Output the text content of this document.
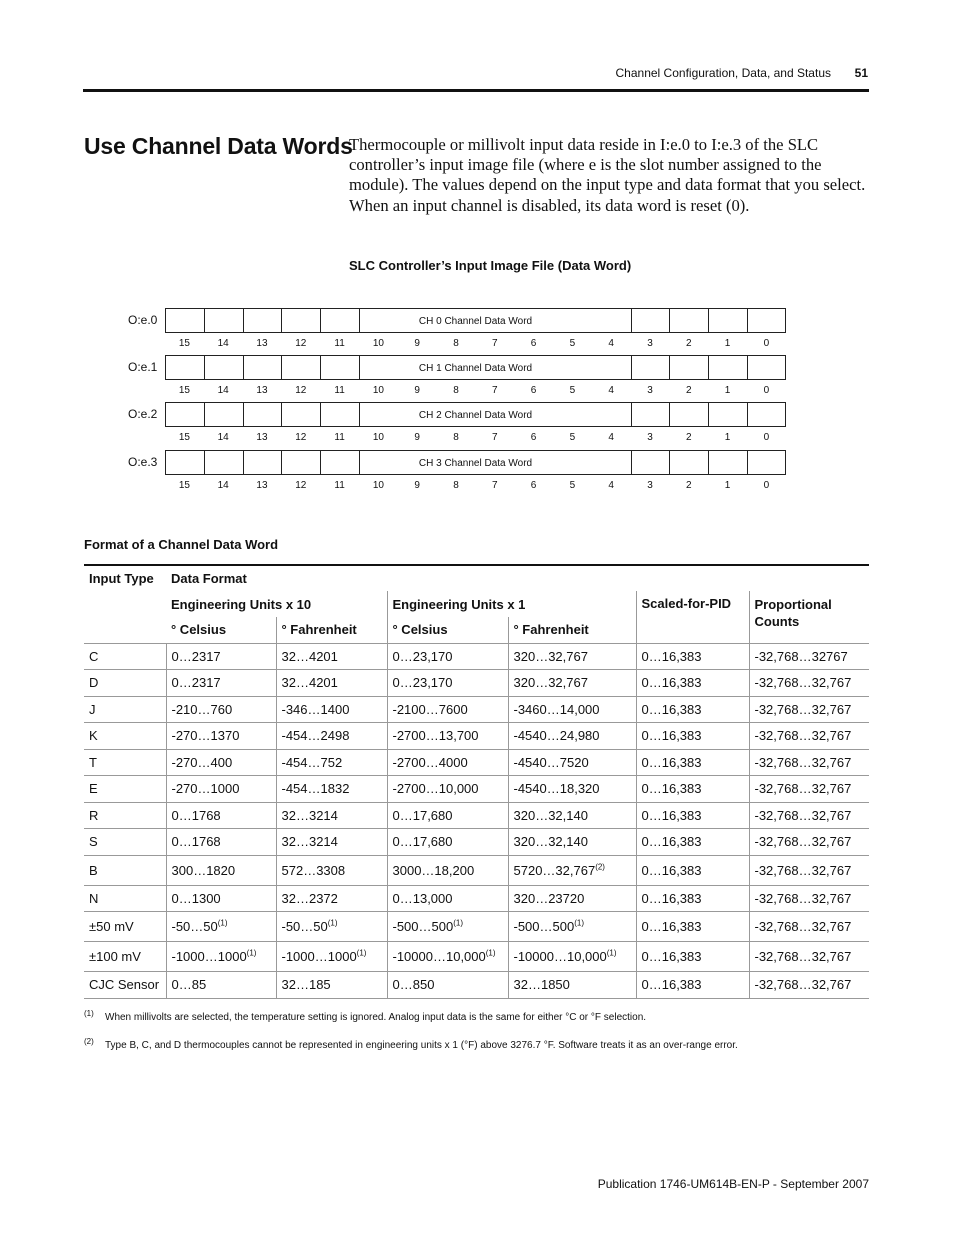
Channel Configuration, Data, and Status 51
Use Channel Data Words

Thermocouple or millivolt input data reside in I:e.0 to I:e.3 of the SLC controller’s input image file (where e is the slot number assigned to the module). The values depend on the input type and data format that you select. When an input channel is disabled, its data word is reset (0).

SLC Controller’s Input Image File (Data Word)
O:e.0	CH 0 Channel Data Word
15	14	13	12	11	10	9	8	7	6	5	4	3	2	1	0
O:e.1	CH 1 Channel Data Word
15	14	13	12	11	10	9	8	7	6	5	4	3	2	1	0
O:e.2	CH 2 Channel Data Word
15	14	13	12	11	10	9	8	7	6	5	4	3	2	1	0
O:e.3	CH 3 Channel Data Word
15	14	13	12	11	10	9	8	7	6	5	4	3	2	1	0
Format of a Channel Data Word
Input Type	Data Format					
	Engineering Units x 10		Engineering Units x 1		Scaled-for-PID	Proportional Counts
	° Celsius	° Fahrenheit	° Celsius	° Fahrenheit		
C	0…2317	32…4201	0…23,170	320…32,767	0…16,383	-32,768…32767
D	0…2317	32…4201	0…23,170	320…32,767	0…16,383	-32,768…32,767
J	-210…760	-346…1400	-2100…7600	-3460…14,000	0…16,383	-32,768…32,767
K	-270…1370	-454…2498	-2700…13,700	-4540…24,980	0…16,383	-32,768…32,767
T	-270…400	-454…752	-2700…4000	-4540…7520	0…16,383	-32,768…32,767
E	-270…1000	-454…1832	-2700…10,000	-4540…18,320	0…16,383	-32,768…32,767
R	0…1768	32…3214	0…17,680	320…32,140	0…16,383	-32,768…32,767
S	0…1768	32…3214	0…17,680	320…32,140	0…16,383	-32,768…32,767
B	300…1820	572…3308	3000…18,200	5720…32,767$^{(2)}$	0…16,383	-32,768…32,767
N	0…1300	32…2372	0…13,000	320…23720	0…16,383	-32,768…32,767
±50 mV	-50…50$^{(1)}$	-50…50$^{(1)}$	-500…500$^{(1)}$	-500…500$^{(1)}$	0…16,383	-32,768…32,767
±100 mV	-1000…1000$^{(1)}$	-1000…1000$^{(1)}$	-10000…10,000$^{(1)}$	-10000…10,000$^{(1)}$	0…16,383	-32,768…32,767
CJC Sensor	0…85	32…185	0…850	32…1850	0…16,383	-32,768…32,767
(1) When millivolts are selected, the temperature setting is ignored. Analog input data is the same for either °C or °F selection.
(2) Type B, C, and D thermocouples cannot be represented in engineering units x 1 (°F) above 3276.7 °F. Software treats it as an over-range error.
Publication 1746-UM614B-EN-P - September 2007
